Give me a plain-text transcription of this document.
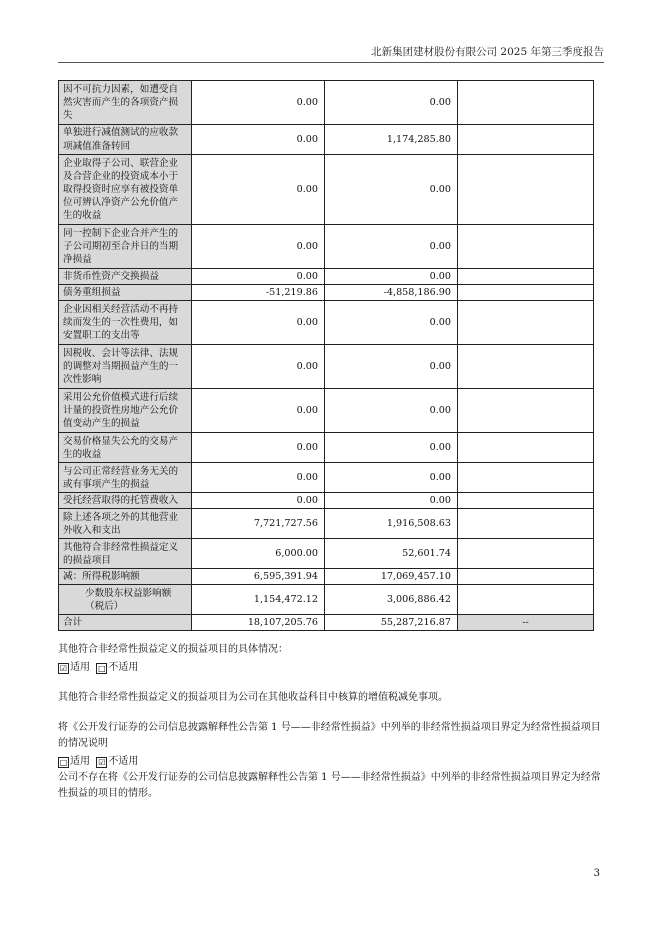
北新集团建材股份有限公司 2025 年第三季度报告
因不可抗力因素，如遭受自然灾害而产生的各项资产损失	0.00	0.00	
单独进行减值测试的应收款项减值准备转回	0.00	1,174,285.80	
企业取得子公司、联营企业及合营企业的投资成本小于取得投资时应享有被投资单位可辨认净资产公允价值产生的收益	0.00	0.00	
同一控制下企业合并产生的子公司期初至合并日的当期净损益	0.00	0.00	
非货币性资产交换损益	0.00	0.00	
债务重组损益	-51,219.86	-4,858,186.90	
企业因相关经营活动不再持续而发生的一次性费用，如安置职工的支出等	0.00	0.00	
因税收、会计等法律、法规的调整对当期损益产生的一次性影响	0.00	0.00	
采用公允价值模式进行后续计量的投资性房地产公允价值变动产生的损益	0.00	0.00	
交易价格显失公允的交易产生的收益	0.00	0.00	
与公司正常经营业务无关的或有事项产生的损益	0.00	0.00	
受托经营取得的托管费收入	0.00	0.00	
除上述各项之外的其他营业外收入和支出	7,721,727.56	1,916,508.63	
其他符合非经常性损益定义的损益项目	6,000.00	52,601.74	
减：所得税影响额	6,595,391.94	17,069,457.10	
少数股东权益影响额（税后）	1,154,472.12	3,006,886.42	
合计	18,107,205.76	55,287,216.87	--
其他符合非经常性损益定义的损益项目的具体情况：
☑ 适用 □ 不适用
其他符合非经常性损益定义的损益项目为公司在其他收益科目中核算的增值税减免事项。
将《公开发行证券的公司信息披露解释性公告第 1 号——非经常性损益》中列举的非经常性损益项目界定为经常性损益项目的情况说明
□ 适用 ☑ 不适用
公司不存在将《公开发行证券的公司信息披露解释性公告第 1 号——非经常性损益》中列举的非经常性损益项目界定为经常性损益的项目的情形。
3
